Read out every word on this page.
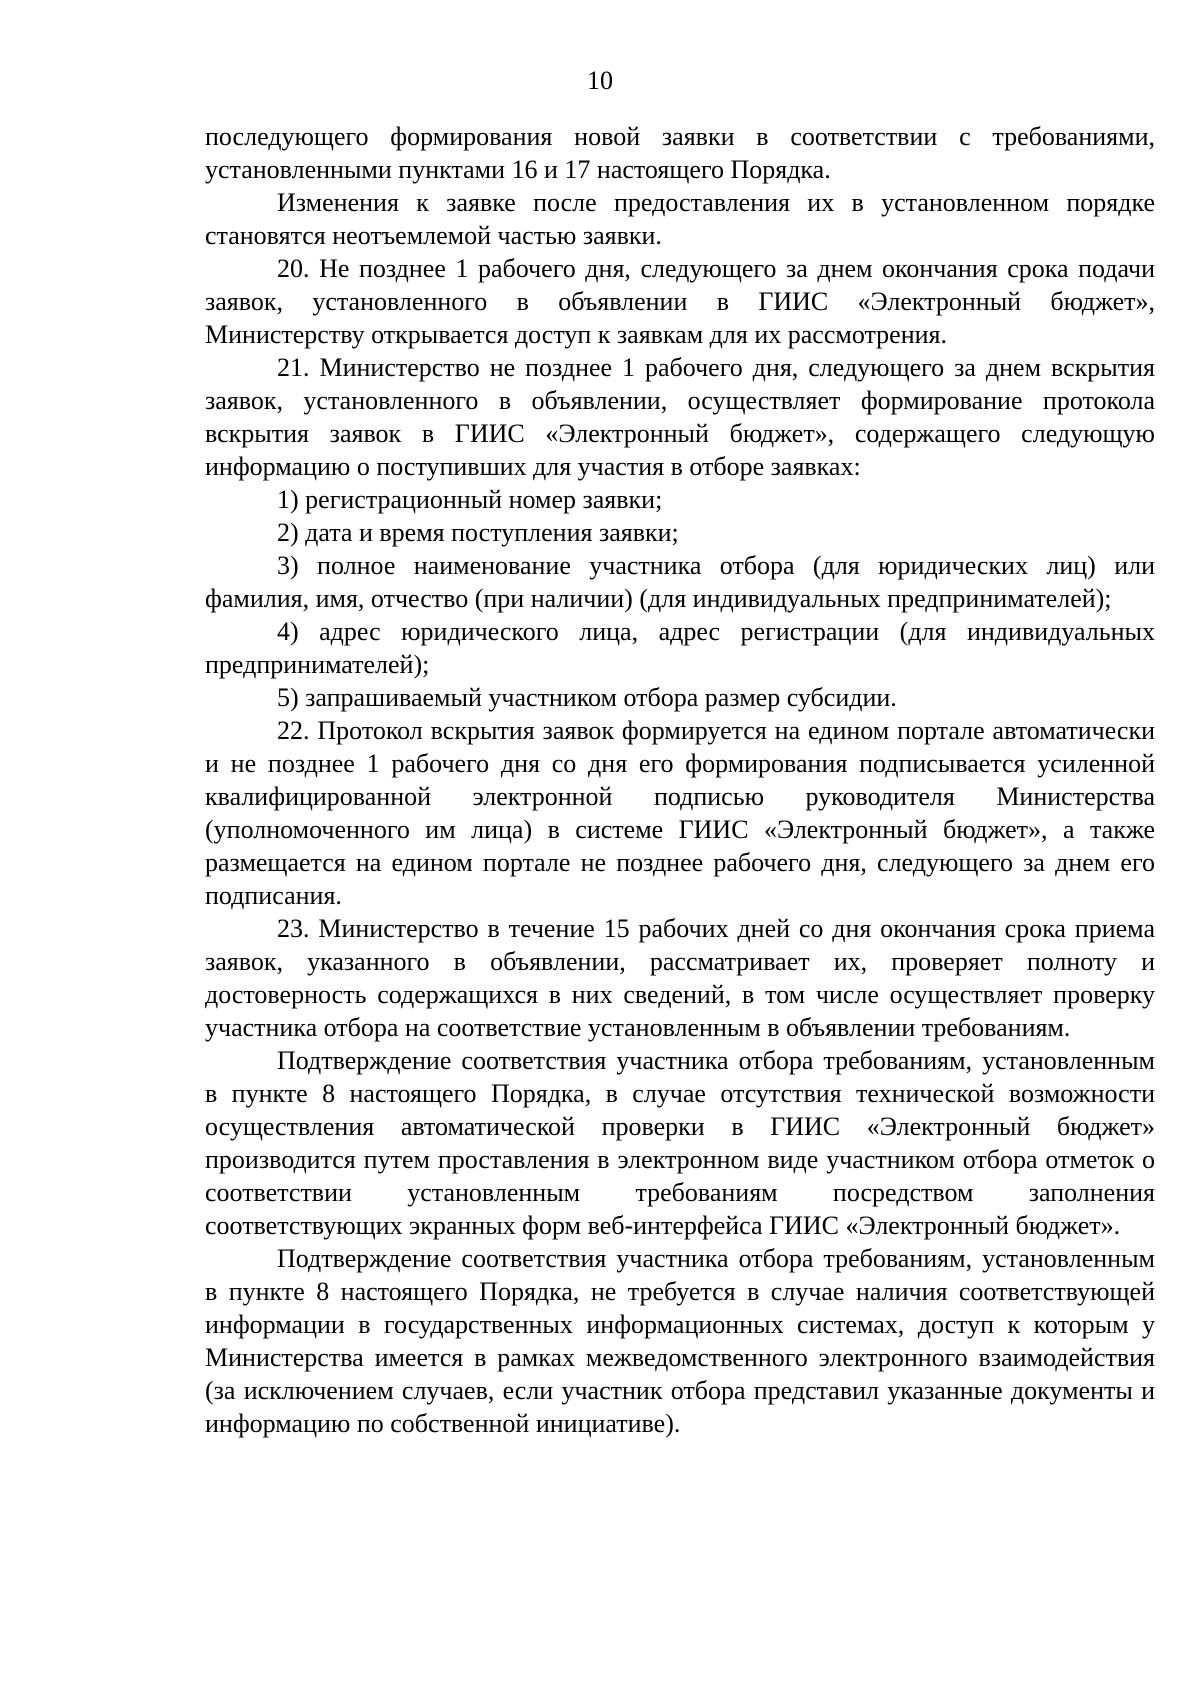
10

последующего формирования новой заявки в соответствии с требованиями, установленными пунктами 16 и 17 настоящего Порядка.

Изменения к заявке после предоставления их в установленном порядке становятся неотъемлемой частью заявки.

20. Не позднее 1 рабочего дня, следующего за днем окончания срока подачи заявок, установленного в объявлении в ГИИС «Электронный бюджет», Министерству открывается доступ к заявкам для их рассмотрения.

21. Министерство не позднее 1 рабочего дня, следующего за днем вскрытия заявок, установленного в объявлении, осуществляет формирование протокола вскрытия заявок в ГИИС «Электронный бюджет», содержащего следующую информацию о поступивших для участия в отборе заявках:

1) регистрационный номер заявки;

2) дата и время поступления заявки;

3) полное наименование участника отбора (для юридических лиц) или фамилия, имя, отчество (при наличии) (для индивидуальных предпринимателей);

4) адрес юридического лица, адрес регистрации (для индивидуальных предпринимателей);

5) запрашиваемый участником отбора размер субсидии.

22. Протокол вскрытия заявок формируется на едином портале автоматически и не позднее 1 рабочего дня со дня его формирования подписывается усиленной квалифицированной электронной подписью руководителя Министерства (уполномоченного им лица) в системе ГИИС «Электронный бюджет», а также размещается на едином портале не позднее рабочего дня, следующего за днем его подписания.

23. Министерство в течение 15 рабочих дней со дня окончания срока приема заявок, указанного в объявлении, рассматривает их, проверяет полноту и достоверность содержащихся в них сведений, в том числе осуществляет проверку участника отбора на соответствие установленным в объявлении требованиям.

Подтверждение соответствия участника отбора требованиям, установленным в пункте 8 настоящего Порядка, в случае отсутствия технической возможности осуществления автоматической проверки в ГИИС «Электронный бюджет» производится путем проставления в электронном виде участником отбора отметок о соответствии установленным требованиям посредством заполнения соответствующих экранных форм веб-интерфейса ГИИС «Электронный бюджет».

Подтверждение соответствия участника отбора требованиям, установленным в пункте 8 настоящего Порядка, не требуется в случае наличия соответствующей информации в государственных информационных системах, доступ к которым у Министерства имеется в рамках межведомственного электронного взаимодействия (за исключением случаев, если участник отбора представил указанные документы и информацию по собственной инициативе).
